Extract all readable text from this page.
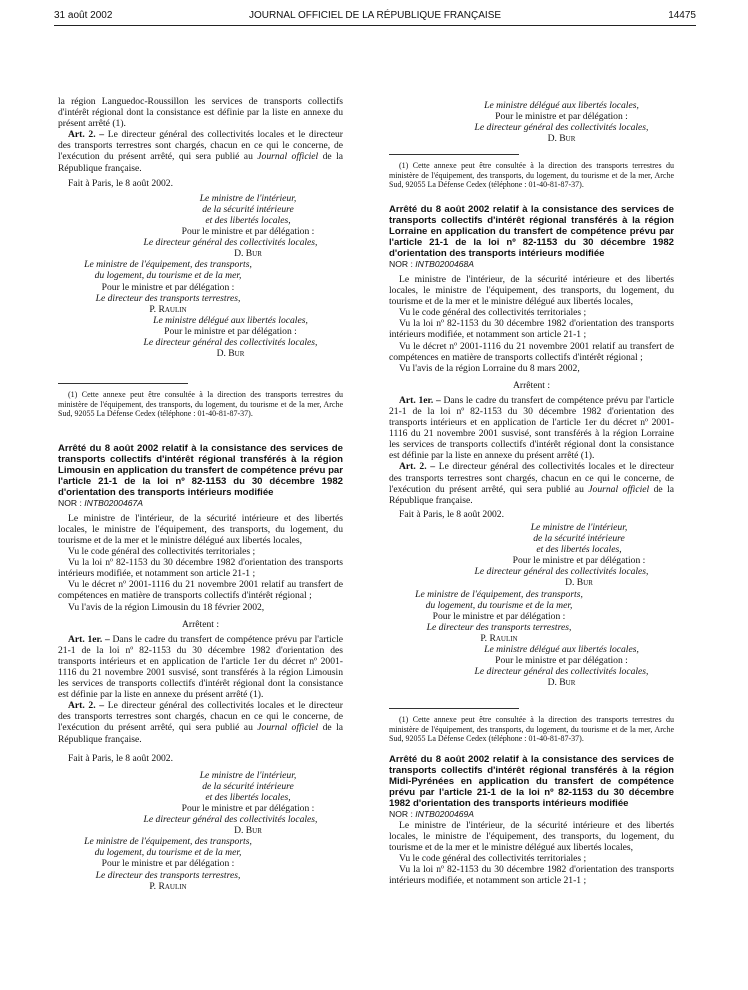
31 août 2002	JOURNAL OFFICIEL DE LA RÉPUBLIQUE FRANÇAISE	14475

la région Languedoc-Roussillon les services de transports collectifs d'intérêt régional dont la consistance est définie par la liste en annexe du présent arrêté (1).

Art. 2. – Le directeur général des collectivités locales et le directeur des transports terrestres sont chargés, chacun en ce qui le concerne, de l'exécution du présent arrêté, qui sera publié au Journal officiel de la République française.

Fait à Paris, le 8 août 2002.

Le ministre de l'intérieur,
de la sécurité intérieure
et des libertés locales,
Pour le ministre et par délégation :
Le directeur général des collectivités locales,
D. Bur
Le ministre de l'équipement, des transports,
du logement, du tourisme et de la mer,
Pour le ministre et par délégation :
Le directeur des transports terrestres,
P. Raulin
Le ministre délégué aux libertés locales,
Pour le ministre et par délégation :
Le directeur général des collectivités locales,
D. Bur

(1) Cette annexe peut être consultée à la direction des transports terrestres du ministère de l'équipement, des transports, du logement, du tourisme et de la mer, Arche Sud, 92055 La Défense Cedex (téléphone : 01-40-81-87-37).

Arrêté du 8 août 2002 relatif à la consistance des services de transports collectifs d'intérêt régional transférés à la région Limousin en application du transfert de compétence prévu par l'article 21-1 de la loi nº 82-1153 du 30 décembre 1982 d'orientation des transports intérieurs modifiée

NOR : INTB0200467A

Le ministre de l'intérieur, de la sécurité intérieure et des libertés locales, le ministre de l'équipement, des transports, du logement, du tourisme et de la mer et le ministre délégué aux libertés locales,

Vu le code général des collectivités territoriales ;

Vu la loi nº 82-1153 du 30 décembre 1982 d'orientation des transports intérieurs modifiée, et notamment son article 21-1 ;

Vu le décret nº 2001-1116 du 21 novembre 2001 relatif au transfert de compétences en matière de transports collectifs d'intérêt régional ;

Vu l'avis de la région Limousin du 18 février 2002,

Arrêtent :

Art. 1er. – Dans le cadre du transfert de compétence prévu par l'article 21-1 de la loi nº 82-1153 du 30 décembre 1982 d'orientation des transports intérieurs et en application de l'article 1er du décret nº 2001-1116 du 21 novembre 2001 susvisé, sont transférés à la région Limousin les services de transports collectifs d'intérêt régional dont la consistance est définie par la liste en annexe du présent arrêté (1).

Art. 2. – Le directeur général des collectivités locales et le directeur des transports terrestres sont chargés, chacun en ce qui le concerne, de l'exécution du présent arrêté, qui sera publié au Journal officiel de la République française.

Fait à Paris, le 8 août 2002.

Le ministre de l'intérieur,
de la sécurité intérieure
et des libertés locales,
Pour le ministre et par délégation :
Le directeur général des collectivités locales,
D. Bur
Le ministre de l'équipement, des transports,
du logement, du tourisme et de la mer,
Pour le ministre et par délégation :
Le directeur des transports terrestres,
P. Raulin
Le ministre délégué aux libertés locales,
Pour le ministre et par délégation :
Le directeur général des collectivités locales,
D. Bur

(1) Cette annexe peut être consultée à la direction des transports terrestres du ministère de l'équipement, des transports, du logement, du tourisme et de la mer, Arche Sud, 92055 La Défense Cedex (téléphone : 01-40-81-87-37).

Arrêté du 8 août 2002 relatif à la consistance des services de transports collectifs d'intérêt régional transférés à la région Lorraine en application du transfert de compétence prévu par l'article 21-1 de la loi nº 82-1153 du 30 décembre 1982 d'orientation des transports intérieurs modifiée

NOR : INTB0200468A

Le ministre de l'intérieur, de la sécurité intérieure et des libertés locales, le ministre de l'équipement, des transports, du logement, du tourisme et de la mer et le ministre délégué aux libertés locales,

Vu le code général des collectivités territoriales ;

Vu la loi nº 82-1153 du 30 décembre 1982 d'orientation des transports intérieurs modifiée, et notamment son article 21-1 ;

Vu le décret nº 2001-1116 du 21 novembre 2001 relatif au transfert de compétences en matière de transports collectifs d'intérêt régional ;

Vu l'avis de la région Lorraine du 8 mars 2002,

Arrêtent :

Art. 1er. – Dans le cadre du transfert de compétence prévu par l'article 21-1 de la loi nº 82-1153 du 30 décembre 1982 d'orientation des transports intérieurs et en application de l'article 1er du décret nº 2001-1116 du 21 novembre 2001 susvisé, sont transférés à la région Lorraine les services de transports collectifs d'intérêt régional dont la consistance est définie par la liste en annexe du présent arrêté (1).

Art. 2. – Le directeur général des collectivités locales et le directeur des transports terrestres sont chargés, chacun en ce qui le concerne, de l'exécution du présent arrêté, qui sera publié au Journal officiel de la République française.

Fait à Paris, le 8 août 2002.

Le ministre de l'intérieur,
de la sécurité intérieure
et des libertés locales,
Pour le ministre et par délégation :
Le directeur général des collectivités locales,
D. Bur
Le ministre de l'équipement, des transports,
du logement, du tourisme et de la mer,
Pour le ministre et par délégation :
Le directeur des transports terrestres,
P. Raulin
Le ministre délégué aux libertés locales,
Pour le ministre et par délégation :
Le directeur général des collectivités locales,
D. Bur

(1) Cette annexe peut être consultée à la direction des transports terrestres du ministère de l'équipement, des transports, du logement, du tourisme et de la mer, Arche Sud, 92055 La Défense Cedex (téléphone : 01-40-81-87-37).

Arrêté du 8 août 2002 relatif à la consistance des services de transports collectifs d'intérêt régional transférés à la région Midi-Pyrénées en application du transfert de compétence prévu par l'article 21-1 de la loi nº 82-1153 du 30 décembre 1982 d'orientation des transports intérieurs modifiée

NOR : INTB0200469A

Le ministre de l'intérieur, de la sécurité intérieure et des libertés locales, le ministre de l'équipement, des transports, du logement, du tourisme et de la mer et le ministre délégué aux libertés locales,

Vu le code général des collectivités territoriales ;

Vu la loi nº 82-1153 du 30 décembre 1982 d'orientation des transports intérieurs modifiée, et notamment son article 21-1 ;
